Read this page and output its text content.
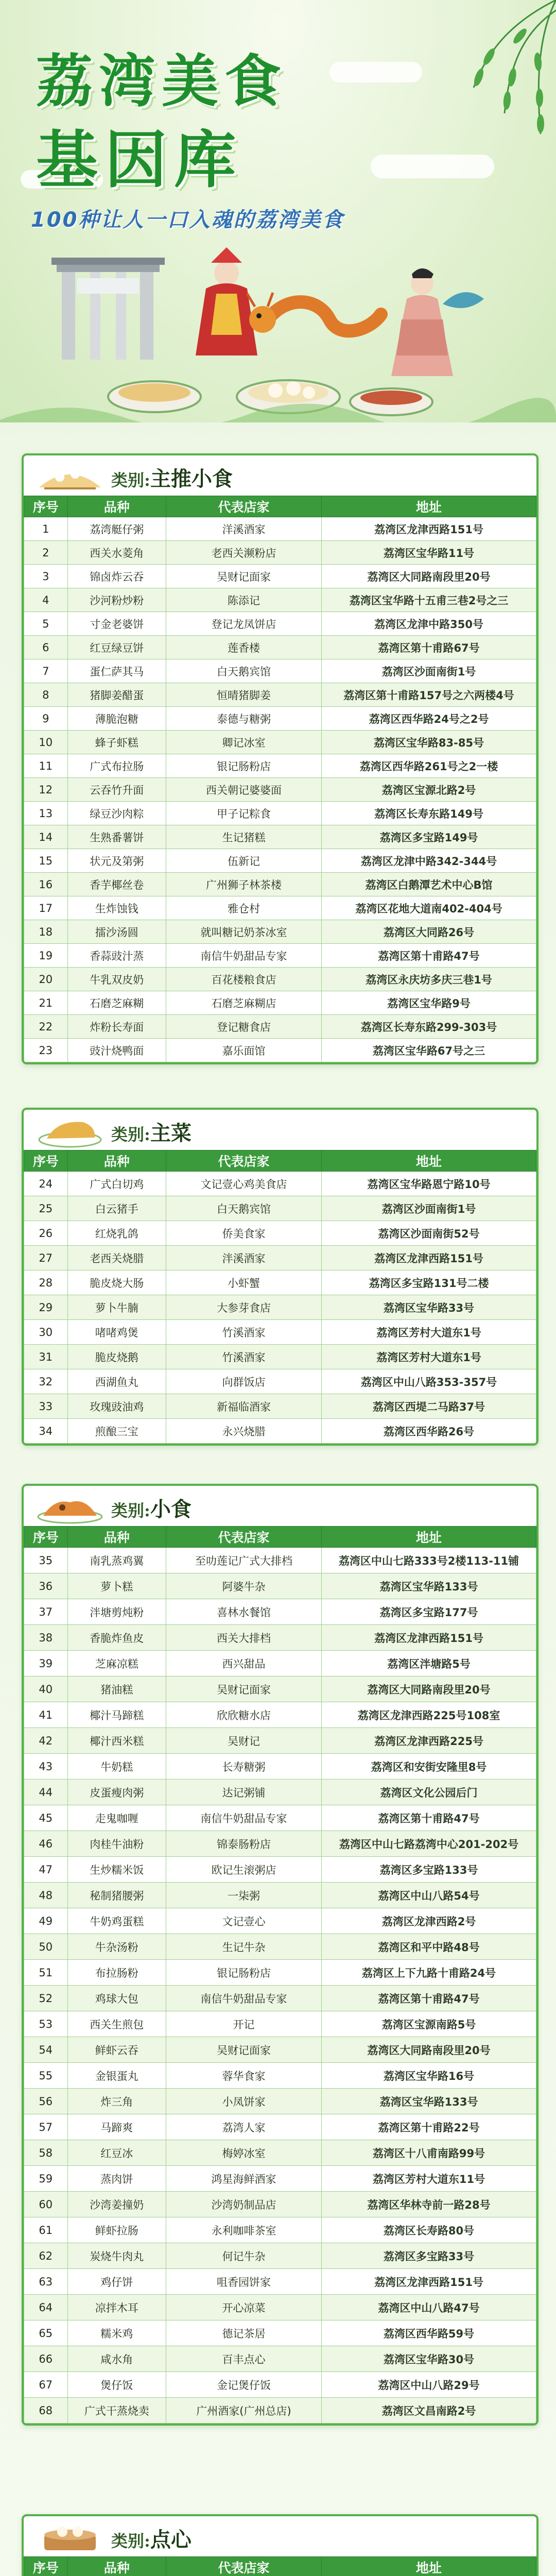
荔湾美食
基因库
100种让人一口入魂的荔湾美食
类别:主推小食
序号	品种	代表店家	地址
1	荔湾艇仔粥	洋溪酒家	荔湾区龙津西路151号
2	西关水菱角	老西关濒粉店	荔湾区宝华路11号
3	锦卤炸云吞	吴财记面家	荔湾区大同路南段里20号
4	沙河粉炒粉	陈添记	荔湾区宝华路十五甫三巷2号之三
5	寸金老婆饼	登记龙凤饼店	荔湾区龙津中路350号
6	红豆绿豆饼	莲香楼	荔湾区第十甫路67号
7	蛋仁萨其马	白天鹅宾馆	荔湾区沙面南街1号
8	猪脚姜醋蛋	恒晴猪脚姜	荔湾区第十甫路157号之六两楼4号
9	薄脆泡糖	泰德与糖粥	荔湾区西华路24号之2号
10	蜂子虾糕	卿记冰室	荔湾区宝华路83-85号
11	广式布拉肠	银记肠粉店	荔湾区西华路261号之2一楼
12	云吞竹升面	西关朝记婆婆面	荔湾区宝源北路2号
13	绿豆沙肉粽	甲子记粽食	荔湾区长寿东路149号
14	生熟番薯饼	生记猪糕	荔湾区多宝路149号
15	状元及第粥	伍新记	荔湾区龙津中路342-344号
16	香芋椰丝卷	广州狮子林茶楼	荔湾区白鹅潭艺术中心B馆
17	生炸蚀钱	雅仓村	荔湾区花地大道南402-404号
18	擂沙汤圆	就叫糖记奶茶冰室	荔湾区大同路26号
19	香蒜豉汁蒸	南信牛奶甜品专家	荔湾区第十甫路47号
20	牛乳双皮奶	百花楼粮食店	荔湾区永庆坊多庆三巷1号
21	石磨芝麻糊	石磨芝麻糊店	荔湾区宝华路9号
22	炸粉长寿面	登记糖食店	荔湾区长寿东路299-303号
23	豉汁烧鸭面	嘉乐面馆	荔湾区宝华路67号之三
类别:主菜
序号	品种	代表店家	地址
24	广式白切鸡	文记壹心鸡美食店	荔湾区宝华路恩宁路10号
25	白云猪手	白天鹅宾馆	荔湾区沙面南街1号
26	红烧乳鸽	侨美食家	荔湾区沙面南街52号
27	老西关烧腊	泮溪酒家	荔湾区龙津西路151号
28	脆皮烧大肠	小虾蟹	荔湾区多宝路131号二楼
29	萝卜牛腩	大参芽食店	荔湾区宝华路33号
30	啫啫鸡煲	竹溪酒家	荔湾区芳村大道东1号
31	脆皮烧鹅	竹溪酒家	荔湾区芳村大道东1号
32	西湖鱼丸	向群饭店	荔湾区中山八路353-357号
33	玫瑰豉油鸡	新福临酒家	荔湾区西堤二马路37号
34	煎酿三宝	永兴烧腊	荔湾区西华路26号
类别:小食
序号	品种	代表店家	地址
35	南乳蒸鸡翼	至叻莲记广式大排档	荔湾区中山七路333号2楼113-11铺
36	萝卜糕	阿婆牛杂	荔湾区宝华路133号
37	泮塘剪炖粉	喜林水餐馆	荔湾区多宝路177号
38	香脆炸鱼皮	西关大排档	荔湾区龙津西路151号
39	芝麻凉糕	西兴甜品	荔湾区泮塘路5号
40	猪油糕	吴财记面家	荔湾区大同路南段里20号
41	椰汁马蹄糕	欣欣糖水店	荔湾区龙津西路225号108室
42	椰汁西米糕	吴财记	荔湾区龙津西路225号
43	牛奶糕	长寿糖粥	荔湾区和安街安隆里8号
44	皮蛋瘦肉粥	达记粥铺	荔湾区文化公园后门
45	走鬼咖喱	南信牛奶甜品专家	荔湾区第十甫路47号
46	肉桂牛油粉	锦泰肠粉店	荔湾区中山七路荔湾中心201-202号
47	生炒糯米饭	欧记生滚粥店	荔湾区多宝路133号
48	秘制猪腰粥	一柒粥	荔湾区中山八路54号
49	牛奶鸡蛋糕	文记壹心	荔湾区龙津西路2号
50	牛杂汤粉	生记牛杂	荔湾区和平中路48号
51	布拉肠粉	银记肠粉店	荔湾区上下九路十甫路24号
52	鸡球大包	南信牛奶甜品专家	荔湾区第十甫路47号
53	西关生煎包	开记	荔湾区宝源南路5号
54	鲜虾云吞	吴财记面家	荔湾区大同路南段里20号
55	金银蛋丸	蓉华食家	荔湾区宝华路16号
56	炸三角	小凤饼家	荔湾区宝华路133号
57	马蹄爽	荔湾人家	荔湾区第十甫路22号
58	红豆冰	梅婷冰室	荔湾区十八甫南路99号
59	蒸肉饼	鸿星海鲜酒家	荔湾区芳村大道东11号
60	沙湾姜撞奶	沙湾奶制品店	荔湾区华林寺前一路28号
61	鲜虾拉肠	永利咖啡茶室	荔湾区长寿路80号
62	炭烧牛肉丸	何记牛杂	荔湾区多宝路33号
63	鸡仔饼	咀香园饼家	荔湾区龙津西路151号
64	凉拌木耳	开心凉菜	荔湾区中山八路47号
65	糯米鸡	德记茶居	荔湾区西华路59号
66	咸水角	百丰点心	荔湾区宝华路30号
67	煲仔饭	金记煲仔饭	荔湾区中山八路29号
68	广式干蒸烧卖	广州酒家(广州总店)	荔湾区文昌南路2号
类别:点心
序号	品种	代表店家	地址
